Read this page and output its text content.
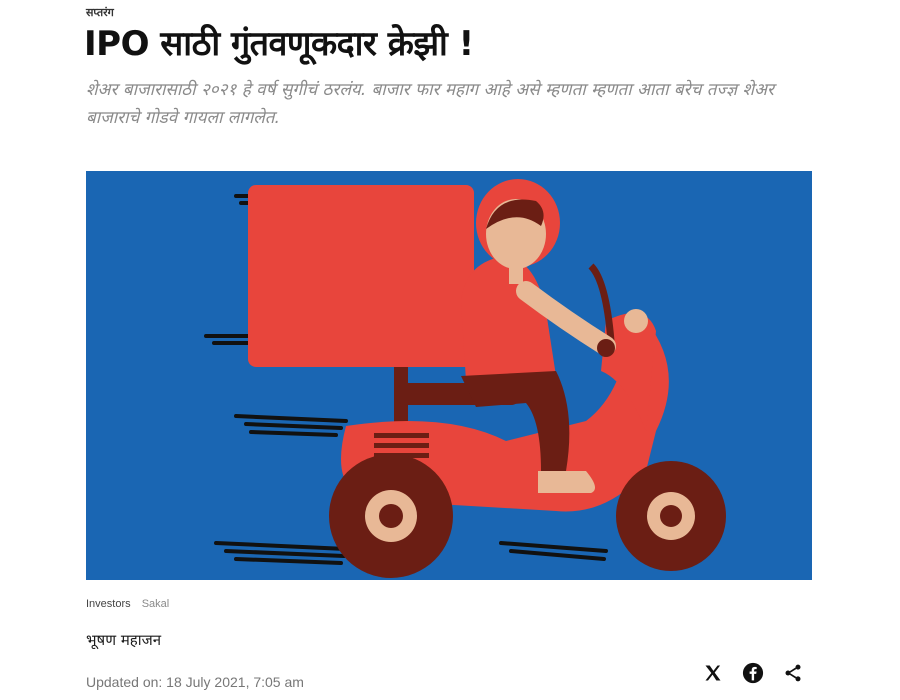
सप्तरंग
IPO साठी गुंतवणूकदार क्रेझी !

शेअर बाजारासाठी २०२१ हे वर्ष सुगीचं ठरलंय. बाजार फार महाग आहे असे म्हणता म्हणता आता बरेच तज्ज्ञ शेअर बाजाराचे गोडवे गायला लागलेत.

Investors Sakal
भूषण महाजन
Updated on: 18 July 2021, 7:05 am
